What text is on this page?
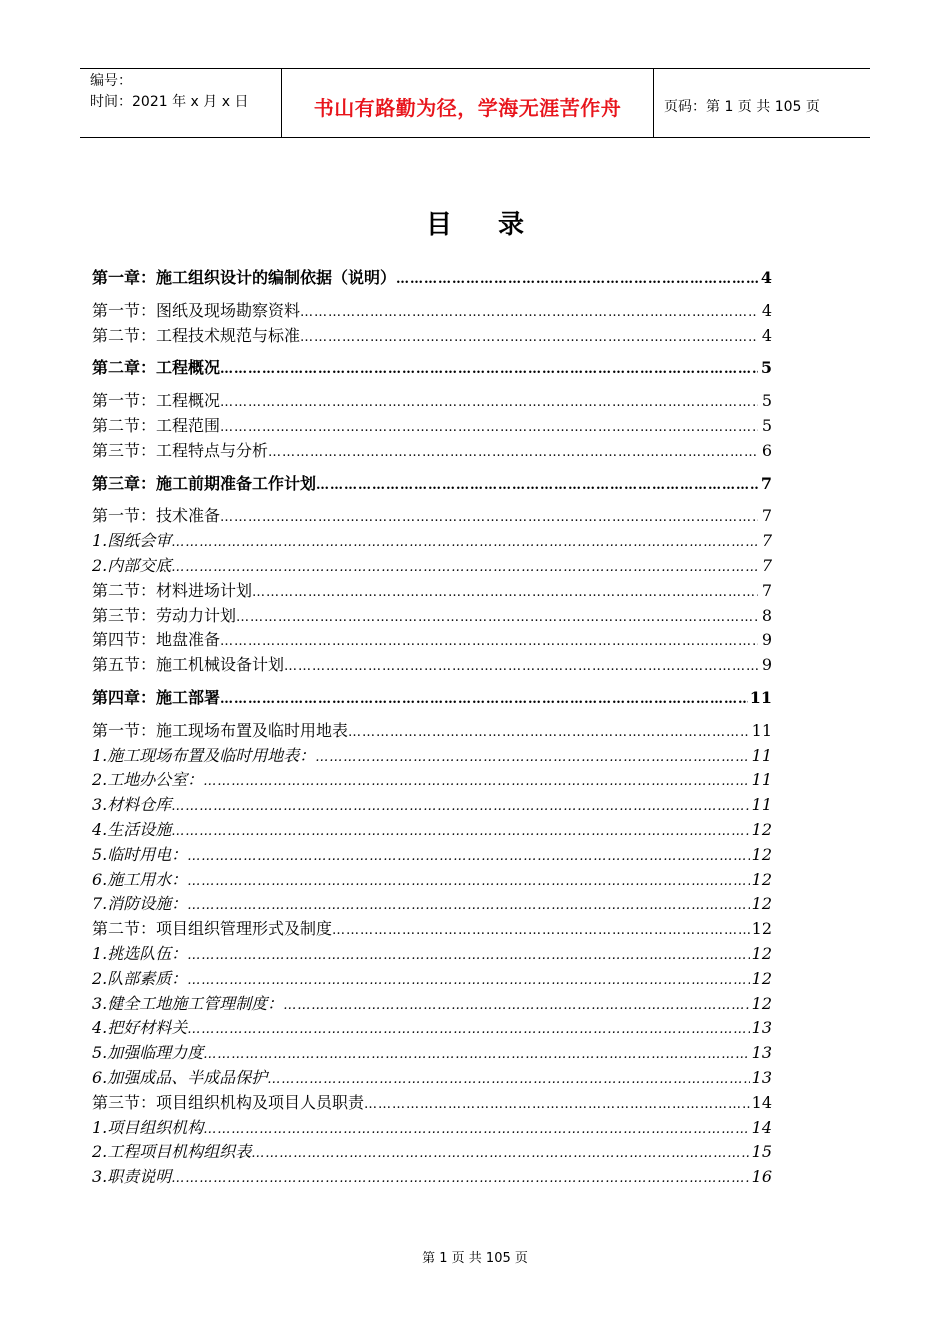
编号：
时间：2021 年 x 月 x 日	书山有路勤为径，学海无涯苦作舟	页码：第 1 页 共 105 页
目录
第一章：施工组织设计的编制依据（说明） ……………………………………………………………………………………………………………………………………………………………………………………………………………………………………………………………………………	4
第一节：图纸及现场勘察资料 ……………………………………………………………………………………………………………………………………………………………………………………………………………………………………………………………………………	4
第二节：工程技术规范与标准 ……………………………………………………………………………………………………………………………………………………………………………………………………………………………………………………………………………	4
第二章：工程概况 ……………………………………………………………………………………………………………………………………………………………………………………………………………………………………………………………………………	5
第一节：工程概况 ……………………………………………………………………………………………………………………………………………………………………………………………………………………………………………………………………………	5
第二节：工程范围 ……………………………………………………………………………………………………………………………………………………………………………………………………………………………………………………………………………	5
第三节：工程特点与分析 ……………………………………………………………………………………………………………………………………………………………………………………………………………………………………………………………………………	6
第三章：施工前期准备工作计划 ……………………………………………………………………………………………………………………………………………………………………………………………………………………………………………………………………………	7
第一节：技术准备 ……………………………………………………………………………………………………………………………………………………………………………………………………………………………………………………………………………	7
1.图纸会审 ……………………………………………………………………………………………………………………………………………………………………………………………………………………………………………………………………………	7
2.内部交底 ……………………………………………………………………………………………………………………………………………………………………………………………………………………………………………………………………………	7
第二节：材料进场计划 ……………………………………………………………………………………………………………………………………………………………………………………………………………………………………………………………………………	7
第三节：劳动力计划 ……………………………………………………………………………………………………………………………………………………………………………………………………………………………………………………………………………	8
第四节：地盘准备 ……………………………………………………………………………………………………………………………………………………………………………………………………………………………………………………………………………	9
第五节：施工机械设备计划 ……………………………………………………………………………………………………………………………………………………………………………………………………………………………………………………………………………	9
第四章：施工部署 ……………………………………………………………………………………………………………………………………………………………………………………………………………………………………………………………………………	11
第一节：施工现场布置及临时用地表 ……………………………………………………………………………………………………………………………………………………………………………………………………………………………………………………………………………	11
1.施工现场布置及临时用地表： ……………………………………………………………………………………………………………………………………………………………………………………………………………………………………………………………………………	11
2.工地办公室： ……………………………………………………………………………………………………………………………………………………………………………………………………………………………………………………………………………	11
3.材料仓库 ……………………………………………………………………………………………………………………………………………………………………………………………………………………………………………………………………………	11
4.生活设施 ……………………………………………………………………………………………………………………………………………………………………………………………………………………………………………………………………………	12
5.临时用电： ……………………………………………………………………………………………………………………………………………………………………………………………………………………………………………………………………………	12
6.施工用水： ……………………………………………………………………………………………………………………………………………………………………………………………………………………………………………………………………………	12
7.消防设施： ……………………………………………………………………………………………………………………………………………………………………………………………………………………………………………………………………………	12
第二节：项目组织管理形式及制度 ……………………………………………………………………………………………………………………………………………………………………………………………………………………………………………………………………………	12
1.挑选队伍： ……………………………………………………………………………………………………………………………………………………………………………………………………………………………………………………………………………	12
2.队部素质： ……………………………………………………………………………………………………………………………………………………………………………………………………………………………………………………………………………	12
3.健全工地施工管理制度： ……………………………………………………………………………………………………………………………………………………………………………………………………………………………………………………………………………	12
4.把好材料关 ……………………………………………………………………………………………………………………………………………………………………………………………………………………………………………………………………………	13
5.加强临理力度 ……………………………………………………………………………………………………………………………………………………………………………………………………………………………………………………………………………	13
6.加强成品、半成品保护 ……………………………………………………………………………………………………………………………………………………………………………………………………………………………………………………………………………	13
第三节：项目组织机构及项目人员职责 ……………………………………………………………………………………………………………………………………………………………………………………………………………………………………………………………………………	14
1.项目组织机构 ……………………………………………………………………………………………………………………………………………………………………………………………………………………………………………………………………………	14
2.工程项目机构组织表 ……………………………………………………………………………………………………………………………………………………………………………………………………………………………………………………………………………	15
3.职责说明 ……………………………………………………………………………………………………………………………………………………………………………………………………………………………………………………………………………	16
第 1 页 共 105 页
